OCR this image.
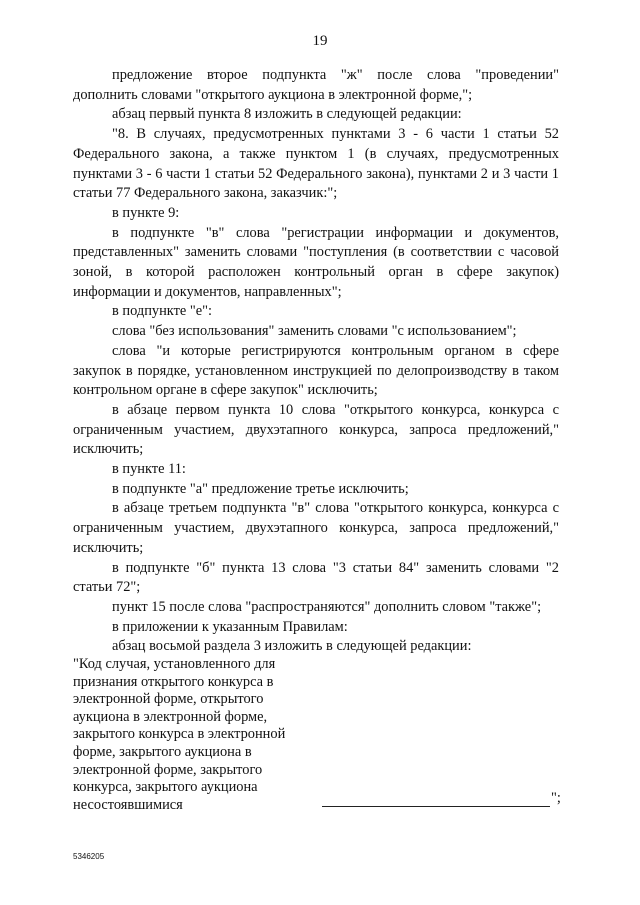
19

предложение второе подпункта "ж" после слова "проведении" дополнить словами "открытого аукциона в электронной форме,";

абзац первый пункта 8 изложить в следующей редакции:

"8. В случаях, предусмотренных пунктами 3 - 6 части 1 статьи 52 Федерального закона, а также пунктом 1 (в случаях, предусмотренных пунктами 3 - 6 части 1 статьи 52 Федерального закона), пунктами 2 и 3 части 1 статьи 77 Федерального закона, заказчик:";

в пункте 9:

в подпункте "в" слова "регистрации информации и документов, представленных" заменить словами "поступления (в соответствии с часовой зоной, в которой расположен контрольный орган в сфере закупок) информации и документов, направленных";

в подпункте "е":

слова "без использования" заменить словами "с использованием";

слова "и которые регистрируются контрольным органом в сфере закупок в порядке, установленном инструкцией по делопроизводству в таком контрольном органе в сфере закупок" исключить;

в абзаце первом пункта 10 слова "открытого конкурса, конкурса с ограниченным участием, двухэтапного конкурса, запроса предложений," исключить;

в пункте 11:

в подпункте "а" предложение третье исключить;

в абзаце третьем подпункта "в" слова "открытого конкурса, конкурса с ограниченным участием, двухэтапного конкурса, запроса предложений," исключить;

в подпункте "б" пункта 13 слова "3 статьи 84" заменить словами "2 статьи 72";

пункт 15 после слова "распространяются" дополнить словом "также";

в приложении к указанным Правилам:

абзац восьмой раздела 3 изложить в следующей редакции:

"Код случая, установленного для признания открытого конкурса в электронной форме, открытого аукциона в электронной форме, закрытого конкурса в электронной форме, закрытого аукциона в электронной форме, закрытого конкурса, закрытого аукциона несостоявшимися	";
5346205
